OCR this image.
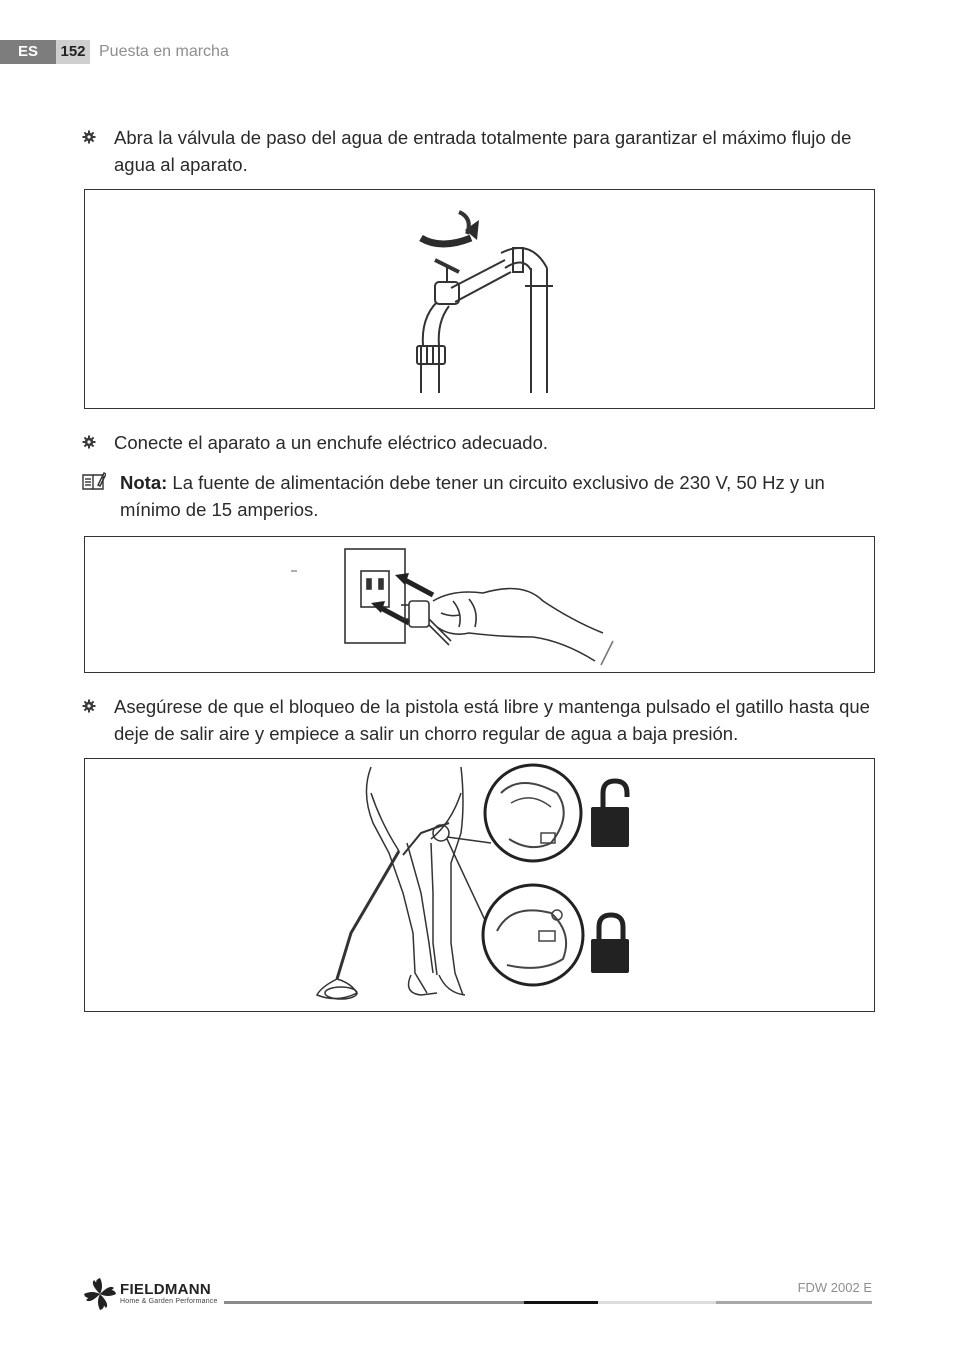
ES	152 Puesta en marcha
Abra la válvula de paso del agua de entrada totalmente para garantizar el máximo flujo de agua al aparato.
Conecte el aparato a un enchufe eléctrico adecuado.
Nota: La fuente de alimentación debe tener un circuito exclusivo de 230 V, 50 Hz y un mínimo de 15 amperios.
Asegúrese de que el bloqueo de la pistola está libre y mantenga pulsado el gatillo hasta que deje de salir aire y empiece a salir un chorro regular de agua a baja presión.
FIELDMANN
Home & Garden Performance
FDW 2002 E
